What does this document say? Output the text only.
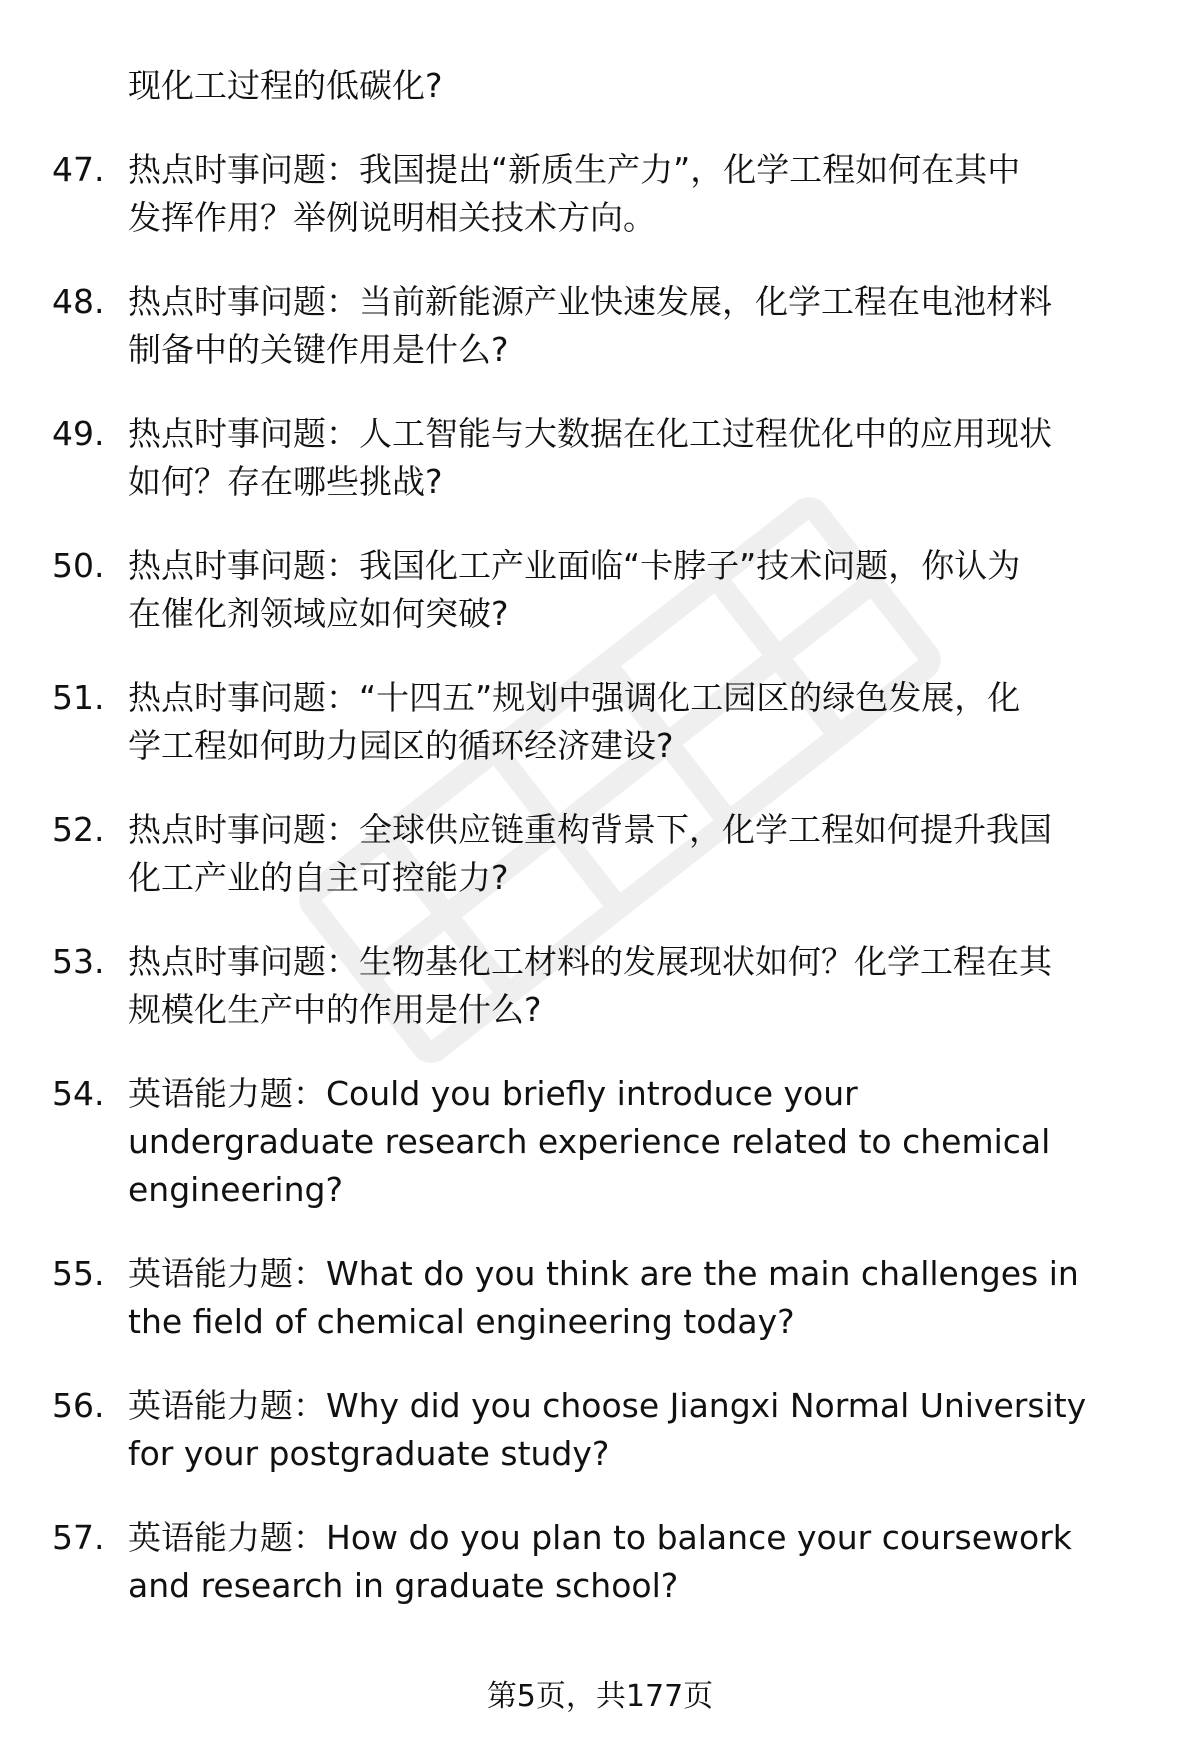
现化工过程的低碳化?
47. 热点时事问题：我国提出“新质生产力”，化学工程如何在其中
发挥作用？举例说明相关技术方向。
48. 热点时事问题：当前新能源产业快速发展，化学工程在电池材料
制备中的关键作用是什么?
49. 热点时事问题：人工智能与大数据在化工过程优化中的应用现状
如何？存在哪些挑战?
50. 热点时事问题：我国化工产业面临“卡脖子”技术问题，你认为
在催化剂领域应如何突破?
51. 热点时事问题：“十四五”规划中强调化工园区的绿色发展，化
学工程如何助力园区的循环经济建设?
52. 热点时事问题：全球供应链重构背景下，化学工程如何提升我国
化工产业的自主可控能力?
53. 热点时事问题：生物基化工材料的发展现状如何？化学工程在其
规模化生产中的作用是什么?
54. 英语能力题：Could you briefly introduce your
undergraduate research experience related to chemical
engineering?
55. 英语能力题：What do you think are the main challenges in
the field of chemical engineering today?
56. 英语能力题：Why did you choose Jiangxi Normal University
for your postgraduate study?
57. 英语能力题：How do you plan to balance your coursework
and research in graduate school?
第5页，共177页
